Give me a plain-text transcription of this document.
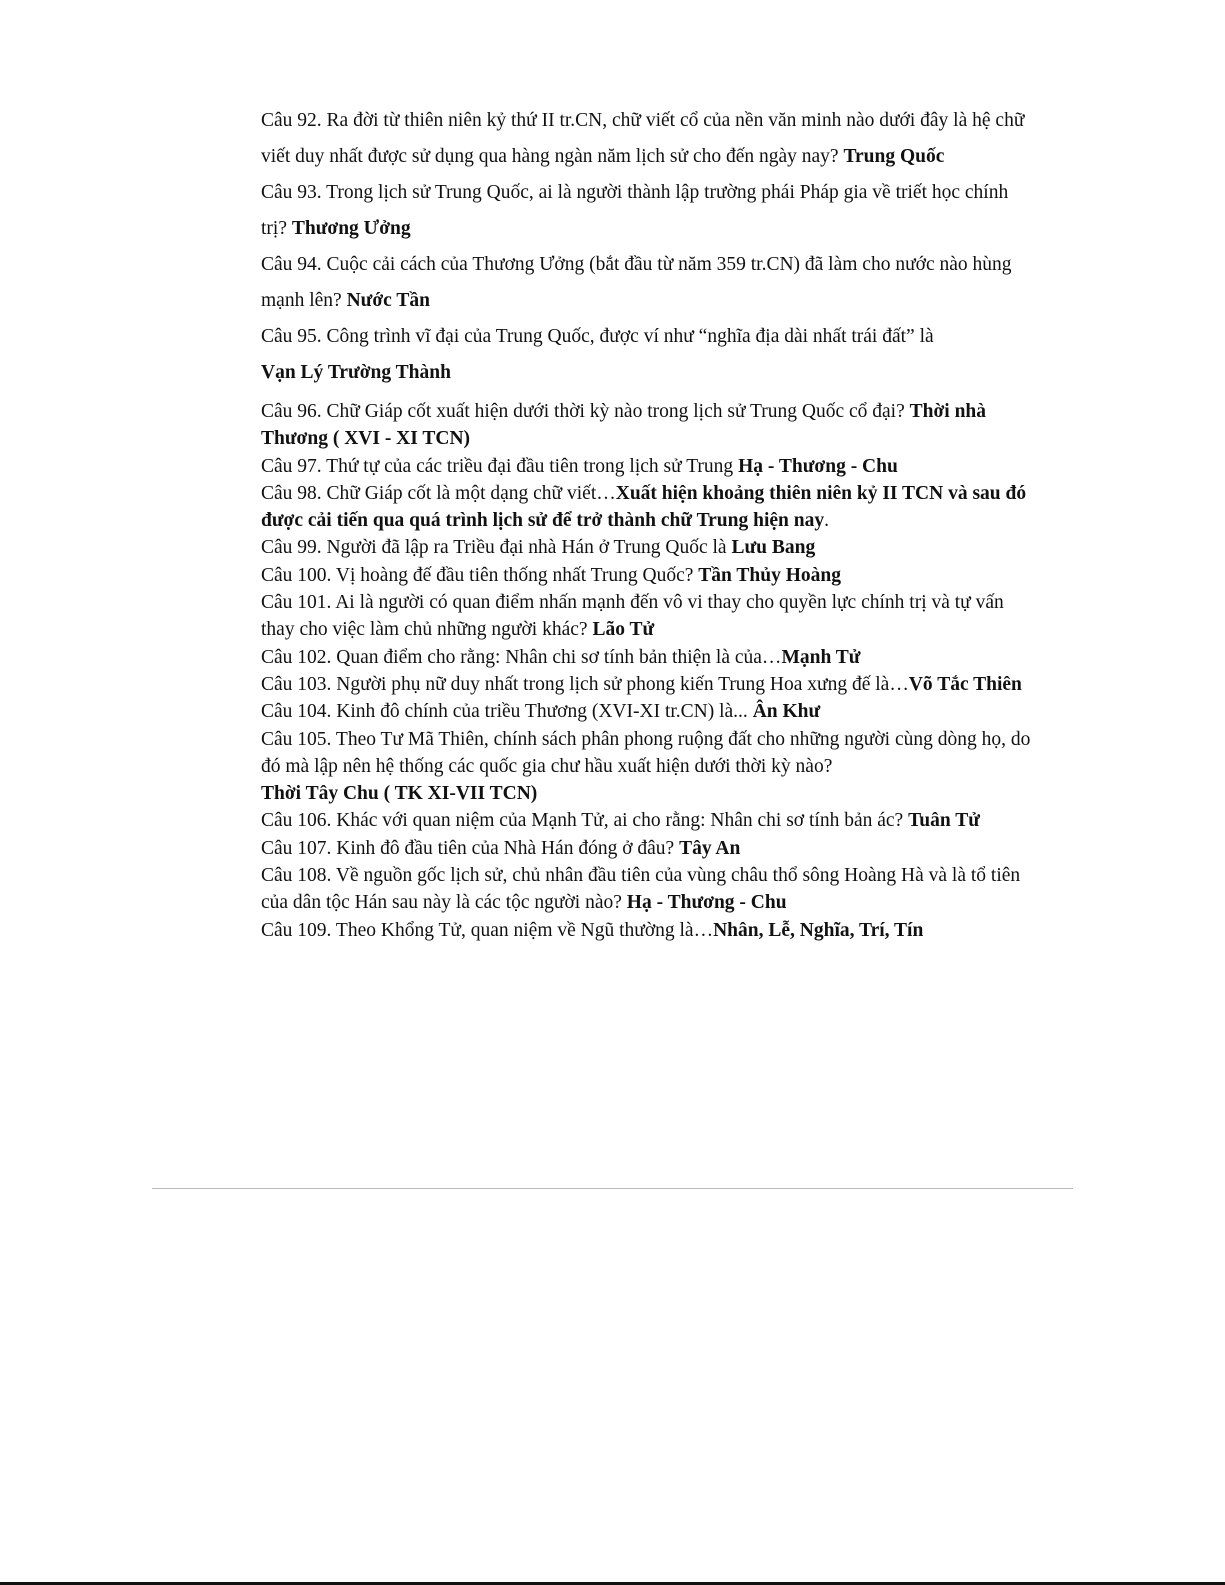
Câu 92. Ra đời từ thiên niên kỷ thứ II tr.CN, chữ viết cổ của nền văn minh nào dưới đây là hệ chữ viết duy nhất được sử dụng qua hàng ngàn năm lịch sử cho đến ngày nay? Trung Quốc

Câu 93. Trong lịch sử Trung Quốc, ai là người thành lập trường phái Pháp gia về triết học chính trị? Thương Ưởng

Câu 94. Cuộc cải cách của Thương Ưởng (bắt đầu từ năm 359 tr.CN) đã làm cho nước nào hùng mạnh lên? Nước Tần

Câu 95. Công trình vĩ đại của Trung Quốc, được ví như “nghĩa địa dài nhất trái đất” là
Vạn Lý Trường Thành

Câu 96. Chữ Giáp cốt xuất hiện dưới thời kỳ nào trong lịch sử Trung Quốc cổ đại? Thời nhà Thương ( XVI - XI TCN)

Câu 97. Thứ tự của các triều đại đầu tiên trong lịch sử Trung Hạ - Thương - Chu

Câu 98. Chữ Giáp cốt là một dạng chữ viết…Xuất hiện khoảng thiên niên kỷ II TCN và sau đó được cải tiến qua quá trình lịch sử để trở thành chữ Trung hiện nay.

Câu 99. Người đã lập ra Triều đại nhà Hán ở Trung Quốc là Lưu Bang

Câu 100. Vị hoàng đế đầu tiên thống nhất Trung Quốc? Tần Thủy Hoàng

Câu 101. Ai là người có quan điểm nhấn mạnh đến vô vi thay cho quyền lực chính trị và tự vấn thay cho việc làm chủ những người khác? Lão Tử

Câu 102. Quan điểm cho rằng: Nhân chi sơ tính bản thiện là của…Mạnh Tử

Câu 103. Người phụ nữ duy nhất trong lịch sử phong kiến Trung Hoa xưng đế là…Võ Tắc Thiên

Câu 104. Kinh đô chính của triều Thương (XVI-XI tr.CN) là... Ân Khư

Câu 105. Theo Tư Mã Thiên, chính sách phân phong ruộng đất cho những người cùng dòng họ, do đó mà lập nên hệ thống các quốc gia chư hầu xuất hiện dưới thời kỳ nào?
Thời Tây Chu ( TK XI-VII TCN)

Câu 106. Khác với quan niệm của Mạnh Tử, ai cho rằng: Nhân chi sơ tính bản ác? Tuân Tử

Câu 107. Kinh đô đầu tiên của Nhà Hán đóng ở đâu? Tây An

Câu 108. Về nguồn gốc lịch sử, chủ nhân đầu tiên của vùng châu thổ sông Hoàng Hà và là tổ tiên của dân tộc Hán sau này là các tộc người nào? Hạ - Thương - Chu

Câu 109. Theo Khổng Tử, quan niệm về Ngũ thường là…Nhân, Lễ, Nghĩa, Trí, Tín
